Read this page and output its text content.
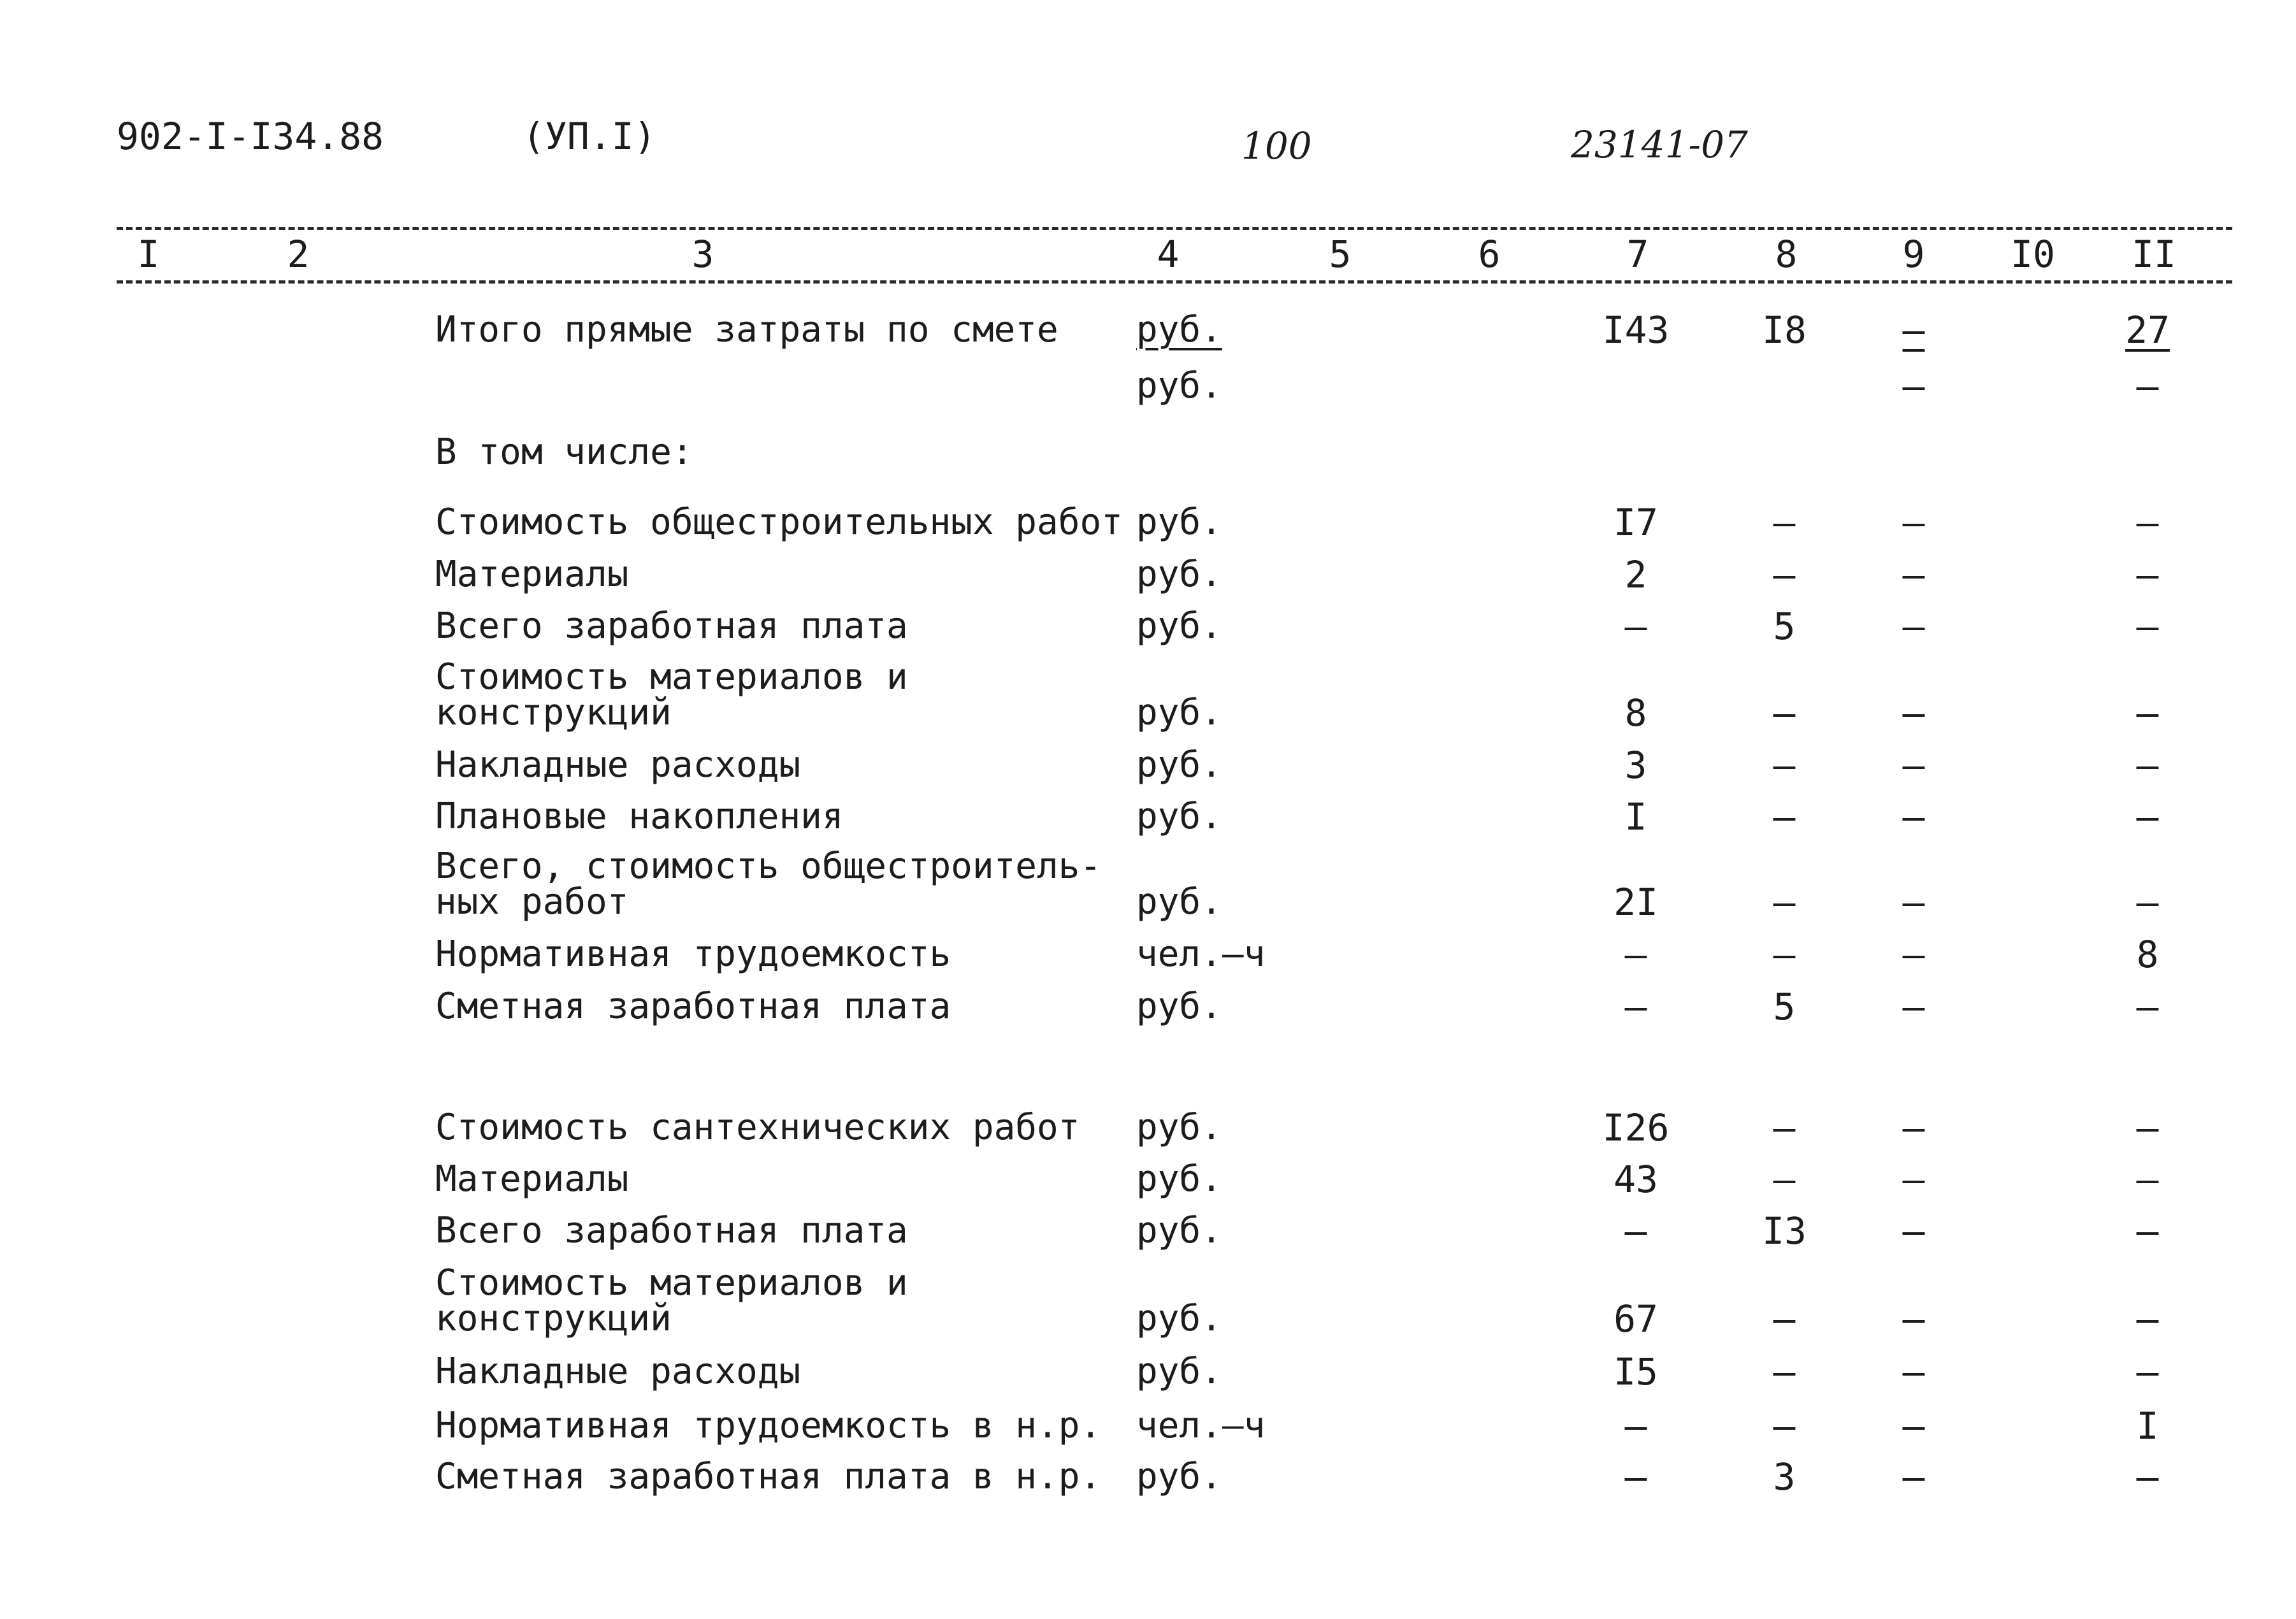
902-I-I34.88	(УП.I)	100	23141-07
I	2	3	4	5	6	7	8	9	I0	II
Итого прямые затраты по смете	руб.	I43	I8	–	27
руб.	–	–
В том числе:
Стоимость общестроительных работ руб.	I7	–	–	–
Материалы	руб.	2	–	–	–
Всего заработная плата	руб.	–	5	–	–
Стоимость материалов и
конструкций	руб.	8	–	–	–
Накладные расходы	руб.	3	–	–	–
Плановые накопления	руб.	I	–	–	–
Всего, стоимость общестроитель-
ных работ	руб.	2I	–	–	–
Нормативная трудоемкость	чел.–ч	–	–	–	8
Сметная заработная плата	руб.	–	5	–	–
Стоимость сантехнических работ	руб.	I26	–	–	–
Материалы	руб.	43	–	–	–
Всего заработная плата	руб.	–	I3	–	–
Стоимость материалов и
конструкций	руб.	67	–	–	–
Накладные расходы	руб.	I5	–	–	–
Нормативная трудоемкость в н.р. чел.–ч	–	–	–	I
Сметная заработная плата в н.р. руб.	–	3	–	–
